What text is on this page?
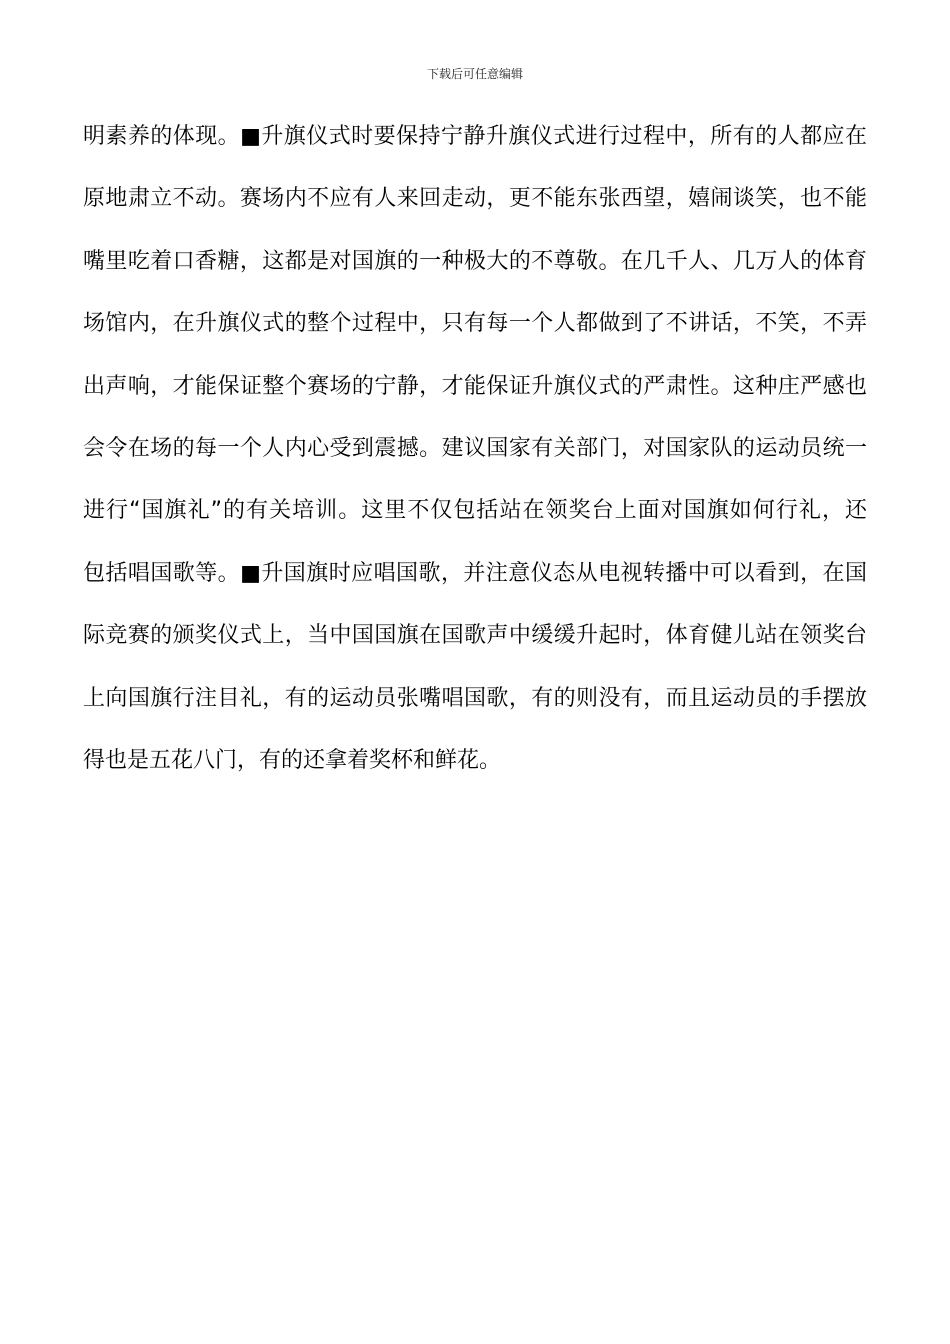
下载后可任意编辑
明素养的体现。■升旗仪式时要保持宁静升旗仪式进行过程中，所有的人都应在
原地肃立不动。赛场内不应有人来回走动，更不能东张西望，嬉闹谈笑，也不能
嘴里吃着口香糖，这都是对国旗的一种极大的不尊敬。在几千人、几万人的体育
场馆内，在升旗仪式的整个过程中，只有每一个人都做到了不讲话，不笑，不弄
出声响，才能保证整个赛场的宁静，才能保证升旗仪式的严肃性。这种庄严感也
会令在场的每一个人内心受到震撼。建议国家有关部门，对国家队的运动员统一
进行“国旗礼”的有关培训。这里不仅包括站在领奖台上面对国旗如何行礼，还
包括唱国歌等。■升国旗时应唱国歌，并注意仪态从电视转播中可以看到，在国
际竞赛的颁奖仪式上，当中国国旗在国歌声中缓缓升起时，体育健儿站在领奖台
上向国旗行注目礼，有的运动员张嘴唱国歌，有的则没有，而且运动员的手摆放
得也是五花八门，有的还拿着奖杯和鲜花。
